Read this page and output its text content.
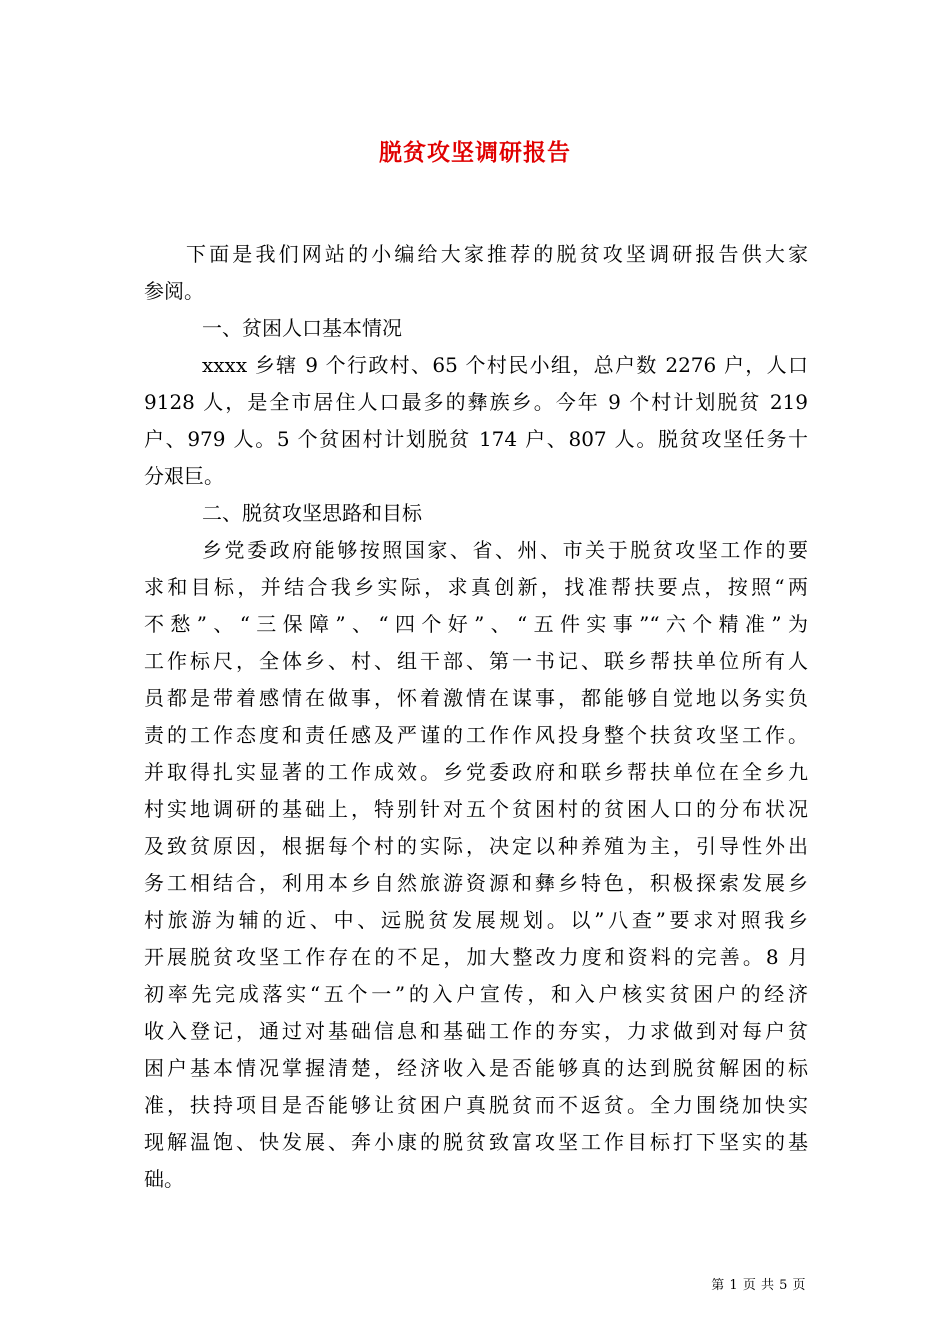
脱贫攻坚调研报告
下面是我们网站的小编给大家推荐的脱贫攻坚调研报告供大家
参阅。
一、贫困人口基本情况
xxxx 乡辖 9 个行政村、65 个村民小组，总户数 2276 户，人口
9128 人，是全市居住人口最多的彝族乡。今年 9 个村计划脱贫 219
户、979 人。5 个贫困村计划脱贫 174 户、807 人。脱贫攻坚任务十
分艰巨。
二、脱贫攻坚思路和目标
乡党委政府能够按照国家、省、州、市关于脱贫攻坚工作的要
求和目标，并结合我乡实际，求真创新，找准帮扶要点，按照“两
不愁”、“三保障”、“四个好”、“五件实事”“六个精准”为
工作标尺，全体乡、村、组干部、第一书记、联乡帮扶单位所有人
员都是带着感情在做事，怀着激情在谋事，都能够自觉地以务实负
责的工作态度和责任感及严谨的工作作风投身整个扶贫攻坚工作。
并取得扎实显著的工作成效。乡党委政府和联乡帮扶单位在全乡九
村实地调研的基础上，特别针对五个贫困村的贫困人口的分布状况
及致贫原因，根据每个村的实际，决定以种养殖为主，引导性外出
务工相结合，利用本乡自然旅游资源和彝乡特色，积极探索发展乡
村旅游为辅的近、中、远脱贫发展规划。以”八查”要求对照我乡
开展脱贫攻坚工作存在的不足，加大整改力度和资料的完善。8 月
初率先完成落实“五个一”的入户宣传，和入户核实贫困户的经济
收入登记，通过对基础信息和基础工作的夯实，力求做到对每户贫
困户基本情况掌握清楚，经济收入是否能够真的达到脱贫解困的标
准，扶持项目是否能够让贫困户真脱贫而不返贫。全力围绕加快实
现解温饱、快发展、奔小康的脱贫致富攻坚工作目标打下坚实的基
础。
第 1 页 共 5 页
